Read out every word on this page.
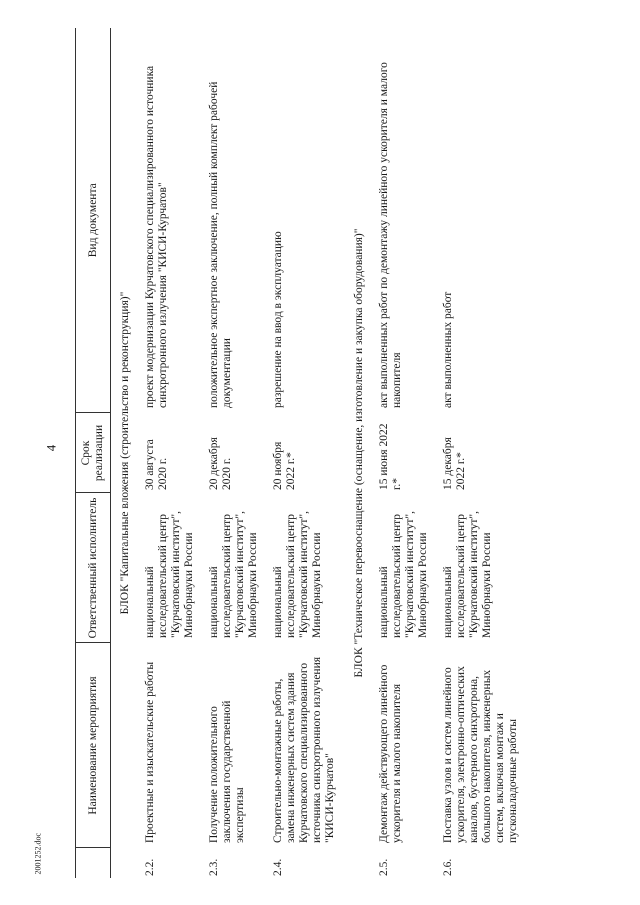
4
2001252.doc
	Наименование мероприятия	Ответственный исполнитель	Срок реализации	Вид документа
БЛОК "Капитальные вложения (строительство и реконструкция)"				
2.2.	Проектные и изыскательские работы	национальный исследовательский центр "Курчатовский институт", Минобрнауки России	30 августа 2020 г.	проект модернизации Курчатовского специализированного источника синхротронного излучения "КИСИ-Курчатов"
2.3.	Получение положительного заключения государственной экспертизы	национальный исследовательский центр "Курчатовский институт", Минобрнауки России	20 декабря 2020 г.	положительное экспертное заключение, полный комплект рабочей документации
2.4.	Строительно-монтажные работы, замена инженерных систем здания Курчатовского специализированного источника синхротронного излучения "КИСИ-Курчатов"	национальный исследовательский центр "Курчатовский институт", Минобрнауки России	20 ноября 2022 г.*	разрешение на ввод в эксплуатацию
БЛОК "Техническое перевооснащение (оснащение, изготовление и закупка оборудования)"				
2.5.	Демонтаж действующего линейного ускорителя и малого накопителя	национальный исследовательский центр "Курчатовский институт", Минобрнауки России	15 июня 2022 г.*	акт выполненных работ по демонтажу линейного ускорителя и малого накопителя
2.6.	Поставка узлов и систем линейного ускорителя, электронно-оптических каналов, бустерного синхротрона, большого накопителя, инженерных систем, включая монтаж и пусконаладочные работы	национальный исследовательский центр "Курчатовский институт", Минобрнауки России	15 декабря 2022 г.*	акт выполненных работ
